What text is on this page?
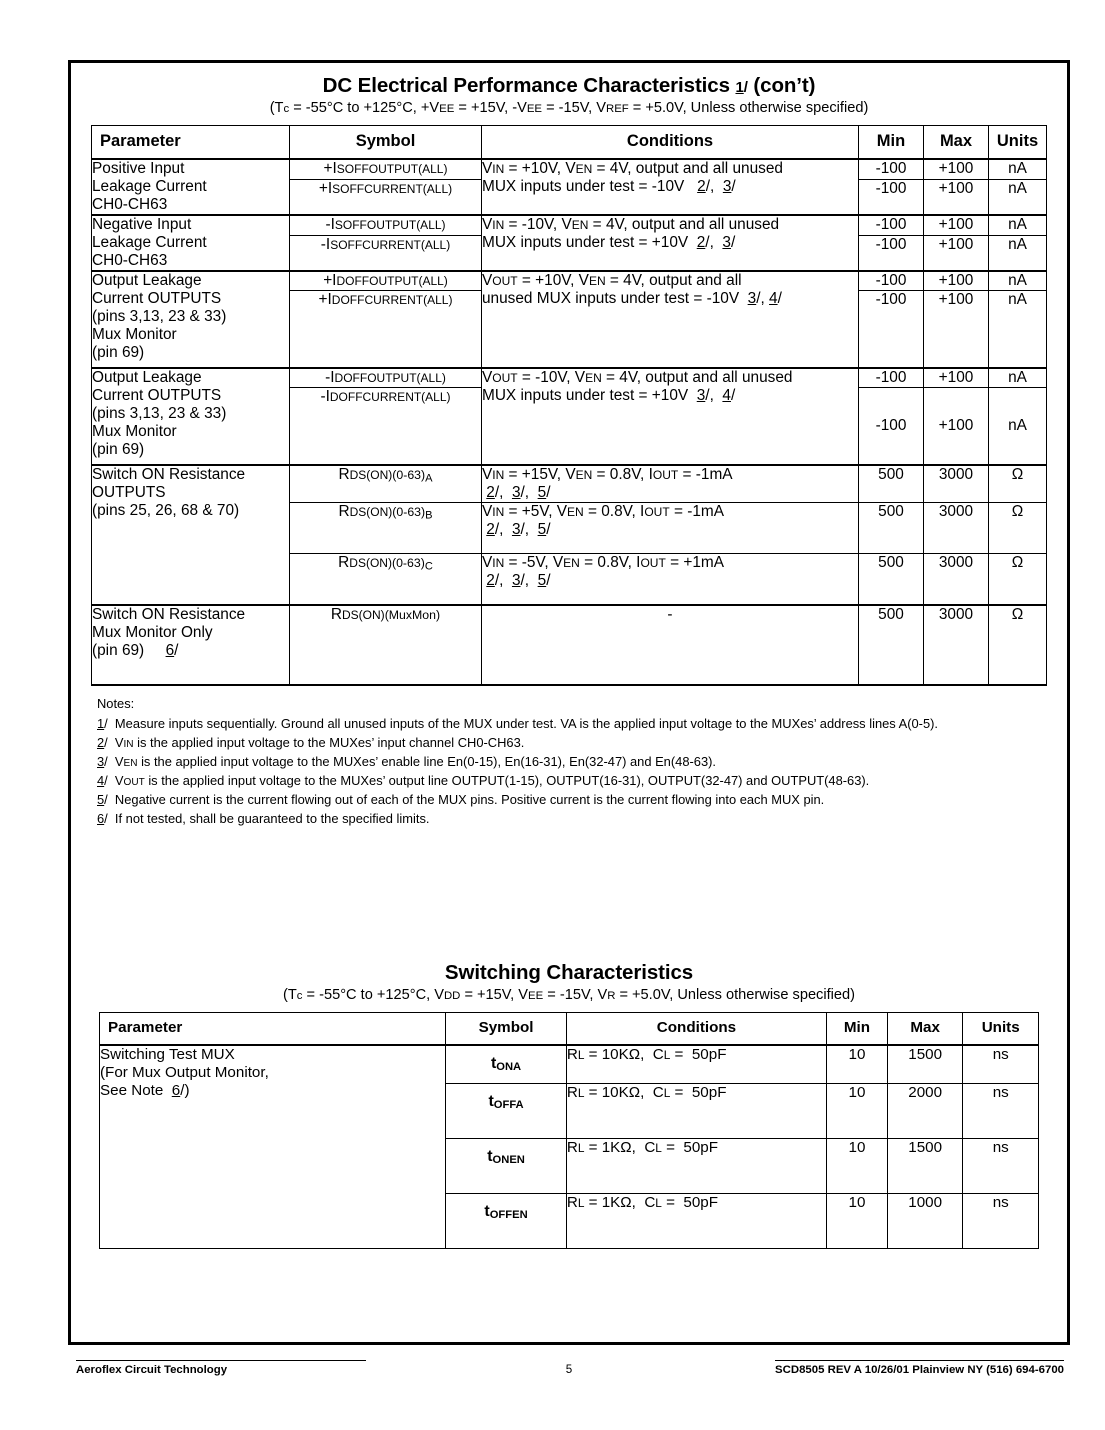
DC Electrical Performance Characteristics 1/ (con’t)
(Tc = -55°C to +125°C, +VEE = +15V, -VEE = -15V, VREF = +5.0V, Unless otherwise specified)
Parameter	Symbol	Conditions	Min	Max	Units
Positive Input
Leakage Current
CH0-CH63	+ISOFFOUTPUT(ALL)	VIN = +10V, VEN = 4V, output and all unused
MUX inputs under test = -10V   2/,  3/	-100	+100	nA
	+ISOFFCURRENT(ALL)		-100	+100	nA
Negative Input
Leakage Current
CH0-CH63	-ISOFFOUTPUT(ALL)	VIN = -10V, VEN = 4V, output and all unused
MUX inputs under test = +10V  2/,  3/	-100	+100	nA
	-ISOFFCURRENT(ALL)		-100	+100	nA
Output Leakage
Current OUTPUTS
(pins 3,13, 23 & 33)
Mux Monitor
(pin 69)	+IDOFFOUTPUT(ALL)	VOUT = +10V, VEN = 4V, output and all
unused MUX inputs under test = -10V  3/, 4/	-100	+100	nA
	+IDOFFCURRENT(ALL)		-100	+100	nA
Output Leakage
Current OUTPUTS
(pins 3,13, 23 & 33)
Mux Monitor
(pin 69)	-IDOFFOUTPUT(ALL)	VOUT = -10V, VEN = 4V, output and all unused
MUX inputs under test = +10V  3/,  4/	-100	+100	nA
	-IDOFFCURRENT(ALL)		-100	+100	nA
Switch ON Resistance
OUTPUTS
(pins 25, 26, 68 & 70)	$RDS(ON)(0-63)_A$	VIN = +15V, VEN = 0.8V, IOUT = -1mA
2/,  3/,  5/	500	3000	Ω
	$RDS(ON)(0-63)_B$	VIN = +5V, VEN = 0.8V, IOUT = -1mA
2/,  3/,  5/	500	3000	Ω
	$RDS(ON)(0-63)_C$	VIN = -5V, VEN = 0.8V, IOUT = +1mA
2/,  3/,  5/	500	3000	Ω
Switch ON Resistance
Mux Monitor Only
(pin 69)     6/	RDS(ON)(MuxMon)	-	500	3000	Ω
Notes:
1/  Measure inputs sequentially. Ground all unused inputs of the MUX under test. VA is the applied input voltage to the MUXes’ address lines A(0-5).
2/  VIN is the applied input voltage to the MUXes’ input channel CH0-CH63.
3/  VEN is the applied input voltage to the MUXes’ enable line En(0-15), En(16-31), En(32-47) and En(48-63).
4/  VOUT is the applied input voltage to the MUXes’ output line OUTPUT(1-15), OUTPUT(16-31), OUTPUT(32-47) and OUTPUT(48-63).
5/  Negative current is the current flowing out of each of the MUX pins. Positive current is the current flowing into each MUX pin.
6/  If not tested, shall be guaranteed to the specified limits.
Switching Characteristics
(Tc = -55°C to +125°C, VDD = +15V, VEE = -15V, VR = +5.0V, Unless otherwise specified)
Parameter	Symbol	Conditions	Min	Max	Units
Switching Test MUX
(For Mux Output Monitor,
See Note  6/)	$t_{ONA}$	RL = 10KΩ,  CL =  50pF	10	1500	ns
	$t_{OFFA}$	RL = 10KΩ,  CL =  50pF	10	2000	ns
	$t_{ONEN}$	RL = 1KΩ,  CL =  50pF	10	1500	ns
	$t_{OFFEN}$	RL = 1KΩ,  CL =  50pF	10	1000	ns
Aeroflex Circuit Technology	5	SCD8505 REV A 10/26/01 Plainview NY (516) 694-6700
